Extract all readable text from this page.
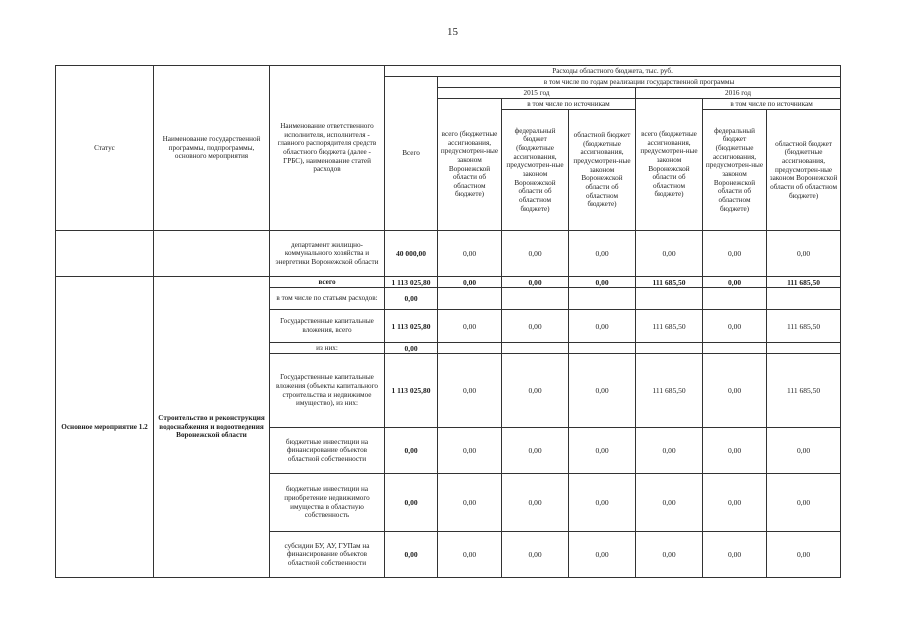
15
Статус	Наименование государственной программы, подпрограммы, основного мероприятия	Наименование ответственного исполнителя, исполнителя - главного распорядителя средств областного бюджета (далее - ГРБС), наименование статей расходов	Расходы областного бюджета, тыс. руб.						
			Всего	в том числе по годам реализации государственной программы					
				2015 год			2016 год		
				всего (бюджетные ассигнования, предусмотрен-ные законом Воронежской области об областном бюджете)	в том числе по источникам		всего (бюджетные ассигнования, предусмотрен-ные законом Воронежской области об областном бюджете)	в том числе по источникам	
					федеральный бюджет (бюджетные ассигнования, предусмотрен-ные законом Воронежской области об областном бюджете)	областной бюджет (бюджетные ассигнования, предусмотрен-ные законом Воронежской области об областном бюджете)		федеральный бюджет (бюджетные ассигнования, предусмотрен-ные законом Воронежской области об областном бюджете)	областной бюджет (бюджетные ассигнования, предусмотрен-ные законом Воронежской области об областном бюджете)
		департамент жилищно-коммунального хозяйства и энергетики Воронежской области	40 000,00	0,00	0,00	0,00	0,00	0,00	0,00
Основное мероприятие 1.2	Строительство и реконструкция водоснабжения и водоотведения Воронежской области	всего	1 113 025,80	0,00	0,00	0,00	111 685,50	0,00	111 685,50
		в том числе по статьям расходов:	0,00						
		Государственные капитальные вложения, всего	1 113 025,80	0,00	0,00	0,00	111 685,50	0,00	111 685,50
		из них:	0,00						
		Государственные капитальные вложения (объекты капитального строительства и недвижимое имущество), из них:	1 113 025,80	0,00	0,00	0,00	111 685,50	0,00	111 685,50
		бюджетные инвестиции на финансирование объектов областной собственности	0,00	0,00	0,00	0,00	0,00	0,00	0,00
		бюджетные инвестиции на приобретение недвижимого имущества в областную собственность	0,00	0,00	0,00	0,00	0,00	0,00	0,00
		субсидии БУ, АУ, ГУПам на финансирование объектов областной собственности	0,00	0,00	0,00	0,00	0,00	0,00	0,00
